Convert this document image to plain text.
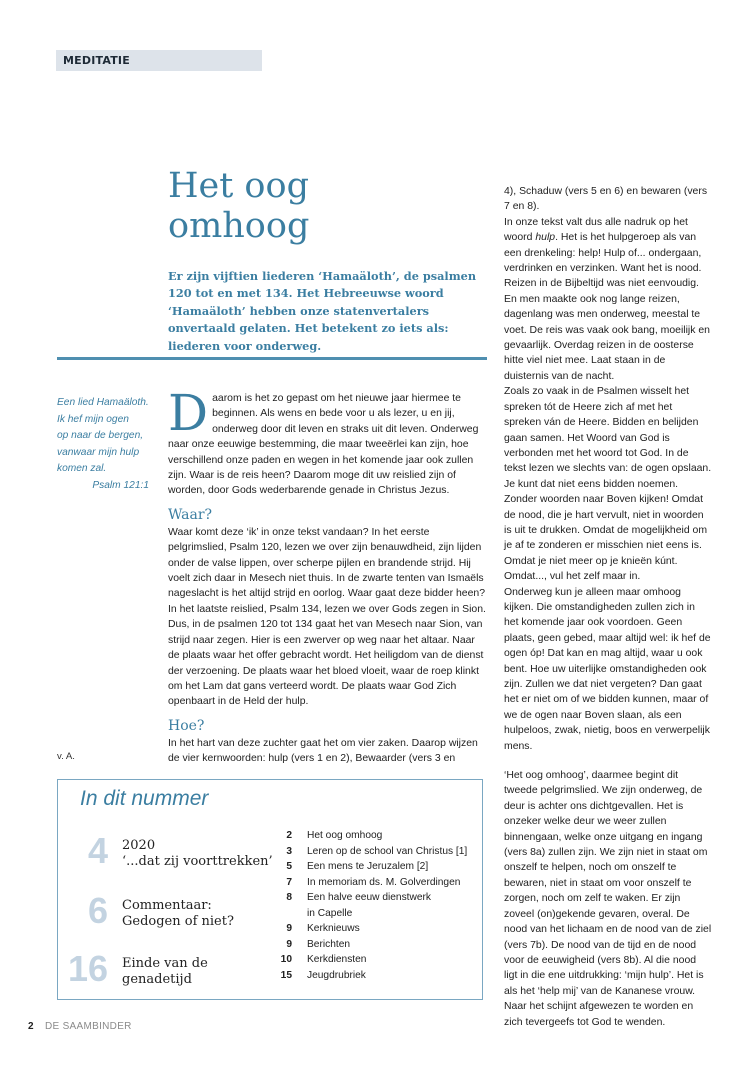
MEDITATIE
Het oog
omhoog

Er zijn vijftien liederen ‘Hamaäloth’, de psalmen 120 tot en met 134. Het Hebreeuwse woord ‘Hamaäloth’ hebben onze statenvertalers onvertaald gelaten. Het betekent zo iets als: liederen voor onderweg.

Een lied Hamaäloth.
Ik hef mijn ogen
op naar de bergen,
vanwaar mijn hulp
komen zal.
Psalm 121:1
v. A.

Daarom is het zo gepast om het nieuwe jaar hiermee te beginnen. Als wens en bede voor u als lezer, u en jij, onderweg door dit leven en straks uit dit leven. Onderweg naar onze eeuwige bestemming, die maar tweeërlei kan zijn, hoe verschillend onze paden en wegen in het komende jaar ook zullen zijn. Waar is de reis heen? Daarom moge dit uw reislied zijn of worden, door Gods wederbarende genade in Christus Jezus.

Waar?

Waar komt deze ‘ik’ in onze tekst vandaan? In het eerste pelgrimslied, Psalm 120, lezen we over zijn benauwdheid, zijn lijden onder de valse lippen, over scherpe pijlen en brandende strijd. Hij voelt zich daar in Mesech niet thuis. In de zwarte tenten van Ismaëls nageslacht is het altijd strijd en oorlog. Waar gaat deze bidder heen? In het laatste reislied, Psalm 134, lezen we over Gods zegen in Sion. Dus, in de psalmen 120 tot 134 gaat het van Mesech naar Sion, van strijd naar zegen. Hier is een zwerver op weg naar het altaar. Naar de plaats waar het offer gebracht wordt. Het heiligdom van de dienst der verzoening. De plaats waar het bloed vloeit, waar de roep klinkt om het Lam dat gans verteerd wordt. De plaats waar God Zich openbaart in de Held der hulp.

Hoe?

In het hart van deze zuchter gaat het om vier zaken. Daarop wijzen de vier kernwoorden: hulp (vers 1 en 2), Bewaarder (vers 3 en

4), Schaduw (vers 5 en 6) en bewaren (vers 7 en 8).

In onze tekst valt dus alle nadruk op het woord hulp. Het is het hulpgeroep als van een drenkeling: help! Hulp of... ondergaan, verdrinken en verzinken. Want het is nood. Reizen in de Bijbeltijd was niet eenvoudig. En men maakte ook nog lange reizen, dagenlang was men onderweg, meestal te voet. De reis was vaak ook bang, moeilijk en gevaarlijk. Overdag reizen in de oosterse hitte viel niet mee. Laat staan in de duisternis van de nacht.

Zoals zo vaak in de Psalmen wisselt het spreken tót de Heere zich af met het spreken ván de Heere. Bidden en belijden gaan samen. Het Woord van God is verbonden met het woord tot God. In de tekst lezen we slechts van: de ogen opslaan. Je kunt dat niet eens bidden noemen. Zonder woorden naar Boven kijken! Omdat de nood, die je hart vervult, niet in woorden is uit te drukken. Omdat de mogelijkheid om je af te zonderen er misschien niet eens is. Omdat je niet meer op je knieën kúnt. Omdat..., vul het zelf maar in.

Onderweg kun je alleen maar omhoog kijken. Die omstandigheden zullen zich in het komende jaar ook voordoen. Geen plaats, geen gebed, maar altijd wel: ik hef de ogen óp! Dat kan en mag altijd, waar u ook bent. Hoe uw uiterlijke omstandigheden ook zijn. Zullen we dat niet vergeten? Dan gaat het er niet om of we bidden kunnen, maar of we de ogen naar Boven slaan, als een hulpeloos, zwak, nietig, boos en verwerpelijk mens.

‘Het oog omhoog’, daarmee begint dit tweede pelgrimslied. We zijn onderweg, de deur is achter ons dichtgevallen. Het is onzeker welke deur we weer zullen binnengaan, welke onze uitgang en ingang (vers 8a) zullen zijn. We zijn niet in staat om onszelf te helpen, noch om onszelf te bewaren, niet in staat om voor onszelf te zorgen, noch om zelf te waken. Er zijn zoveel (on)gekende gevaren, overal. De nood van het lichaam en de nood van de ziel (vers 7b). De nood van de tijd en de nood voor de eeuwigheid (vers 8b). Al die nood ligt in die ene uitdrukking: ‘mijn hulp’. Het is als het ‘help mij’ van de Kananese vrouw. Naar het schijnt afgewezen te worden en zich tevergeefs tot God te wenden.

In dit nummer
4 2020
‘...dat zij voorttrekken’
6 Commentaar:
Gedogen of niet?
16 Einde van de
genadetijd
2 Het oog omhoog
3 Leren op de school van Christus [1]
5 Een mens te Jeruzalem [2]
7 In memoriam ds. M. Golverdingen
8 Een halve eeuw dienstwerk
in Capelle
9 Kerknieuws
9 Berichten
10 Kerkdiensten
15 Jeugdrubriek
2 DE SAAMBINDER
